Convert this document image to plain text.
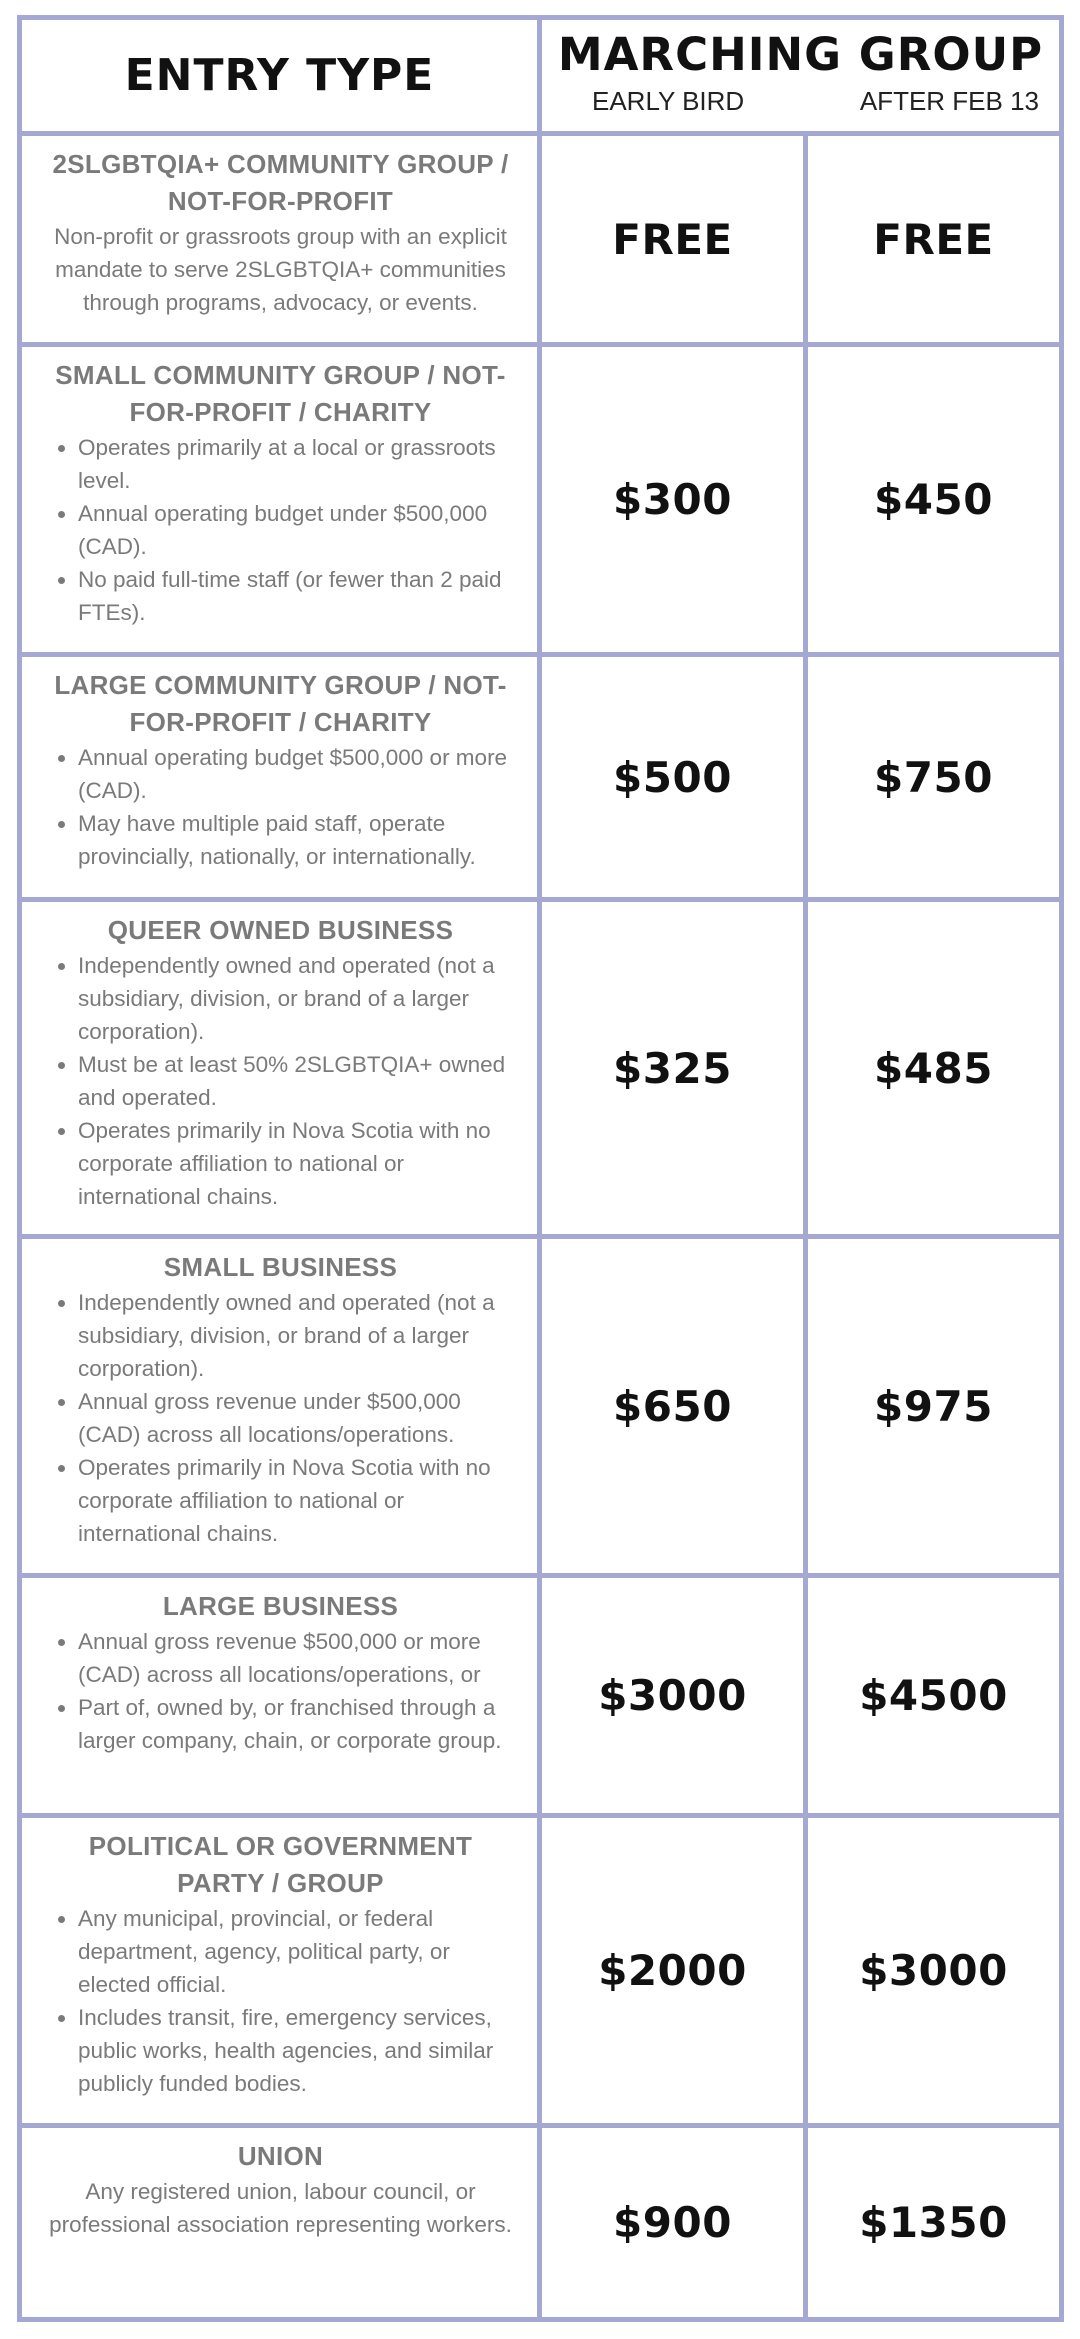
ENTRY TYPE	MARCHING GROUP
EARLY BIRD	AFTER FEB 13
2SLGBTQIA+ COMMUNITY GROUP / NOT-FOR-PROFIT
Non-profit or grassroots group with an explicit mandate to serve 2SLGBTQIA+ communities through programs, advocacy, or events.
FREE	FREE
SMALL COMMUNITY GROUP / NOT-FOR-PROFIT / CHARITY
• Operates primarily at a local or grassroots level.
• Annual operating budget under $500,000 (CAD).
• No paid full-time staff (or fewer than 2 paid FTEs).
$300	$450
LARGE COMMUNITY GROUP / NOT-FOR-PROFIT / CHARITY
• Annual operating budget $500,000 or more (CAD).
• May have multiple paid staff, operate provincially, nationally, or internationally.
$500	$750
QUEER OWNED BUSINESS
• Independently owned and operated (not a subsidiary, division, or brand of a larger corporation).
• Must be at least 50% 2SLGBTQIA+ owned and operated.
• Operates primarily in Nova Scotia with no corporate affiliation to national or international chains.
$325	$485
SMALL BUSINESS
• Independently owned and operated (not a subsidiary, division, or brand of a larger corporation).
• Annual gross revenue under $500,000 (CAD) across all locations/operations.
• Operates primarily in Nova Scotia with no corporate affiliation to national or international chains.
$650	$975
LARGE BUSINESS
• Annual gross revenue $500,000 or more (CAD) across all locations/operations, or
• Part of, owned by, or franchised through a larger company, chain, or corporate group.
$3000	$4500
POLITICAL OR GOVERNMENT PARTY / GROUP
• Any municipal, provincial, or federal department, agency, political party, or elected official.
• Includes transit, fire, emergency services, public works, health agencies, and similar publicly funded bodies.
$2000	$3000
UNION
Any registered union, labour council, or professional association representing workers. $900	$1350
